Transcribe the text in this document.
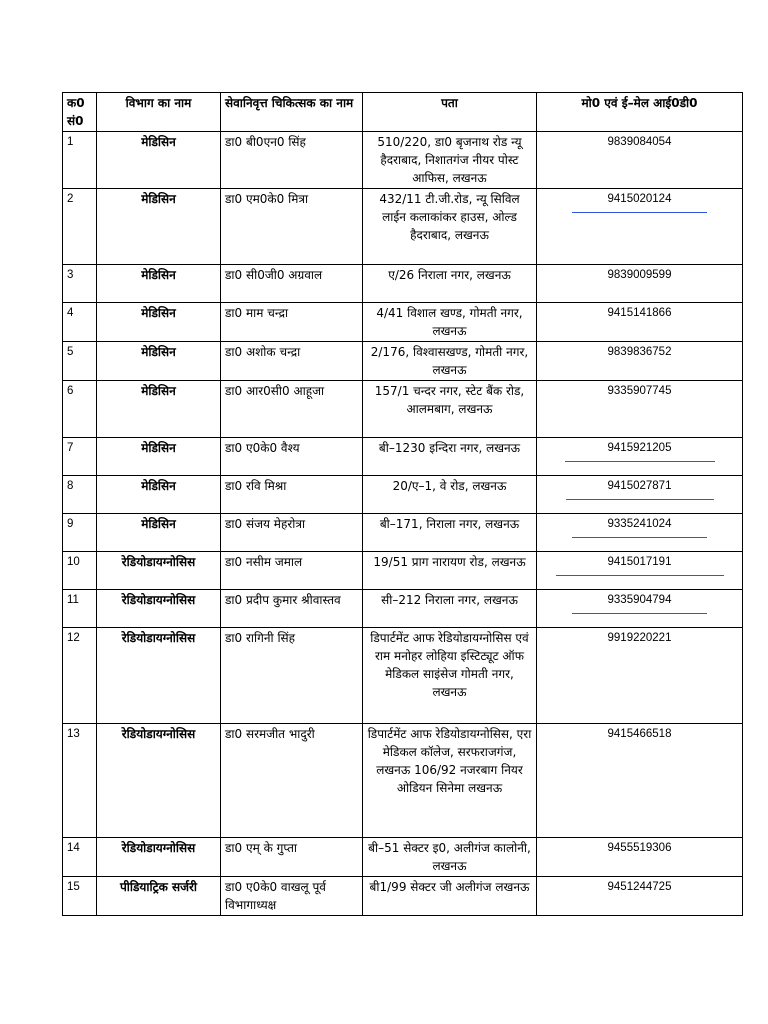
क0 सं0	विभाग का नाम	सेवानिवृत्त चिकित्सक का नाम	पता	मो0 एवं ई–मेल आई0डी0
1	मेडिसिन	डा0 बी0एन0 सिंह	510/220, डा0 बृजनाथ रोड न्यू हैदराबाद, निशातगंज नीयर पोस्ट आफिस, लखनऊ	9839084054
2	मेडिसिन	डा0 एम0के0 मित्रा	432/11 टी.जी.रोड, न्यू सिविल लाईन कलाकांकर हाउस, ओल्ड हैदराबाद, लखनऊ	9415020124

3	मेडिसिन	डा0 सी0जी0 अग्रवाल	ए/26 निराला नगर, लखनऊ	9839009599
4	मेडिसिन	डा0 माम चन्द्रा	4/41 विशाल खण्ड, गोमती नगर, लखनऊ	9415141866
5	मेडिसिन	डा0 अशोक चन्द्रा	2/176, विश्वासखण्ड, गोमती नगर, लखनऊ	9839836752
6	मेडिसिन	डा0 आर0सी0 आहूजा	157/1 चन्दर नगर, स्टेट बैंक रोड, आलमबाग, लखनऊ	9335907745
7	मेडिसिन	डा0 ए0के0 वैश्य	बी–1230 इन्दिरा नगर, लखनऊ	9415921205

8	मेडिसिन	डा0 रवि मिश्रा	20/ए–1, वे रोड, लखनऊ	9415027871

9	मेडिसिन	डा0 संजय मेहरोत्रा	बी–171, निराला नगर, लखनऊ	9335241024

10	रेडियोडायग्नोसिस	डा0 नसीम जमाल	19/51 प्राग नारायण रोड, लखनऊ	9415017191

11	रेडियोडायग्नोसिस	डा0 प्रदीप कुमार श्रीवास्तव	सी–212 निराला नगर, लखनऊ	9335904794

12	रेडियोडायग्नोसिस	डा0 रागिनी सिंह	डिपार्टमेंट आफ रेडियोडायग्नोसिस एवं राम मनोहर लोहिया इस्टिट्यूट ऑफ मेडिकल साइंसेज गोमती नगर, लखनऊ	9919220221
13	रेडियोडायग्नोसिस	डा0 सरमजीत भादुरी	डिपार्टमेंट आफ रेडियोडायग्नोसिस, एरा मेडिकल कॉलेज, सरफराजगंज, लखनऊ 106/92 नजरबाग नियर ओडियन सिनेमा लखनऊ	9415466518
14	रेडियोडायग्नोसिस	डा0 एम् के गुप्ता	बी–51 सेक्टर इ0, अलीगंज कालोनी, लखनऊ	9455519306
15	पीडियाट्रिक सर्जरी	डा0 ए0के0 वाखलू पूर्व विभागाध्यक्ष	बी1/99 सेक्टर जी अलीगंज लखनऊ	9451244725
